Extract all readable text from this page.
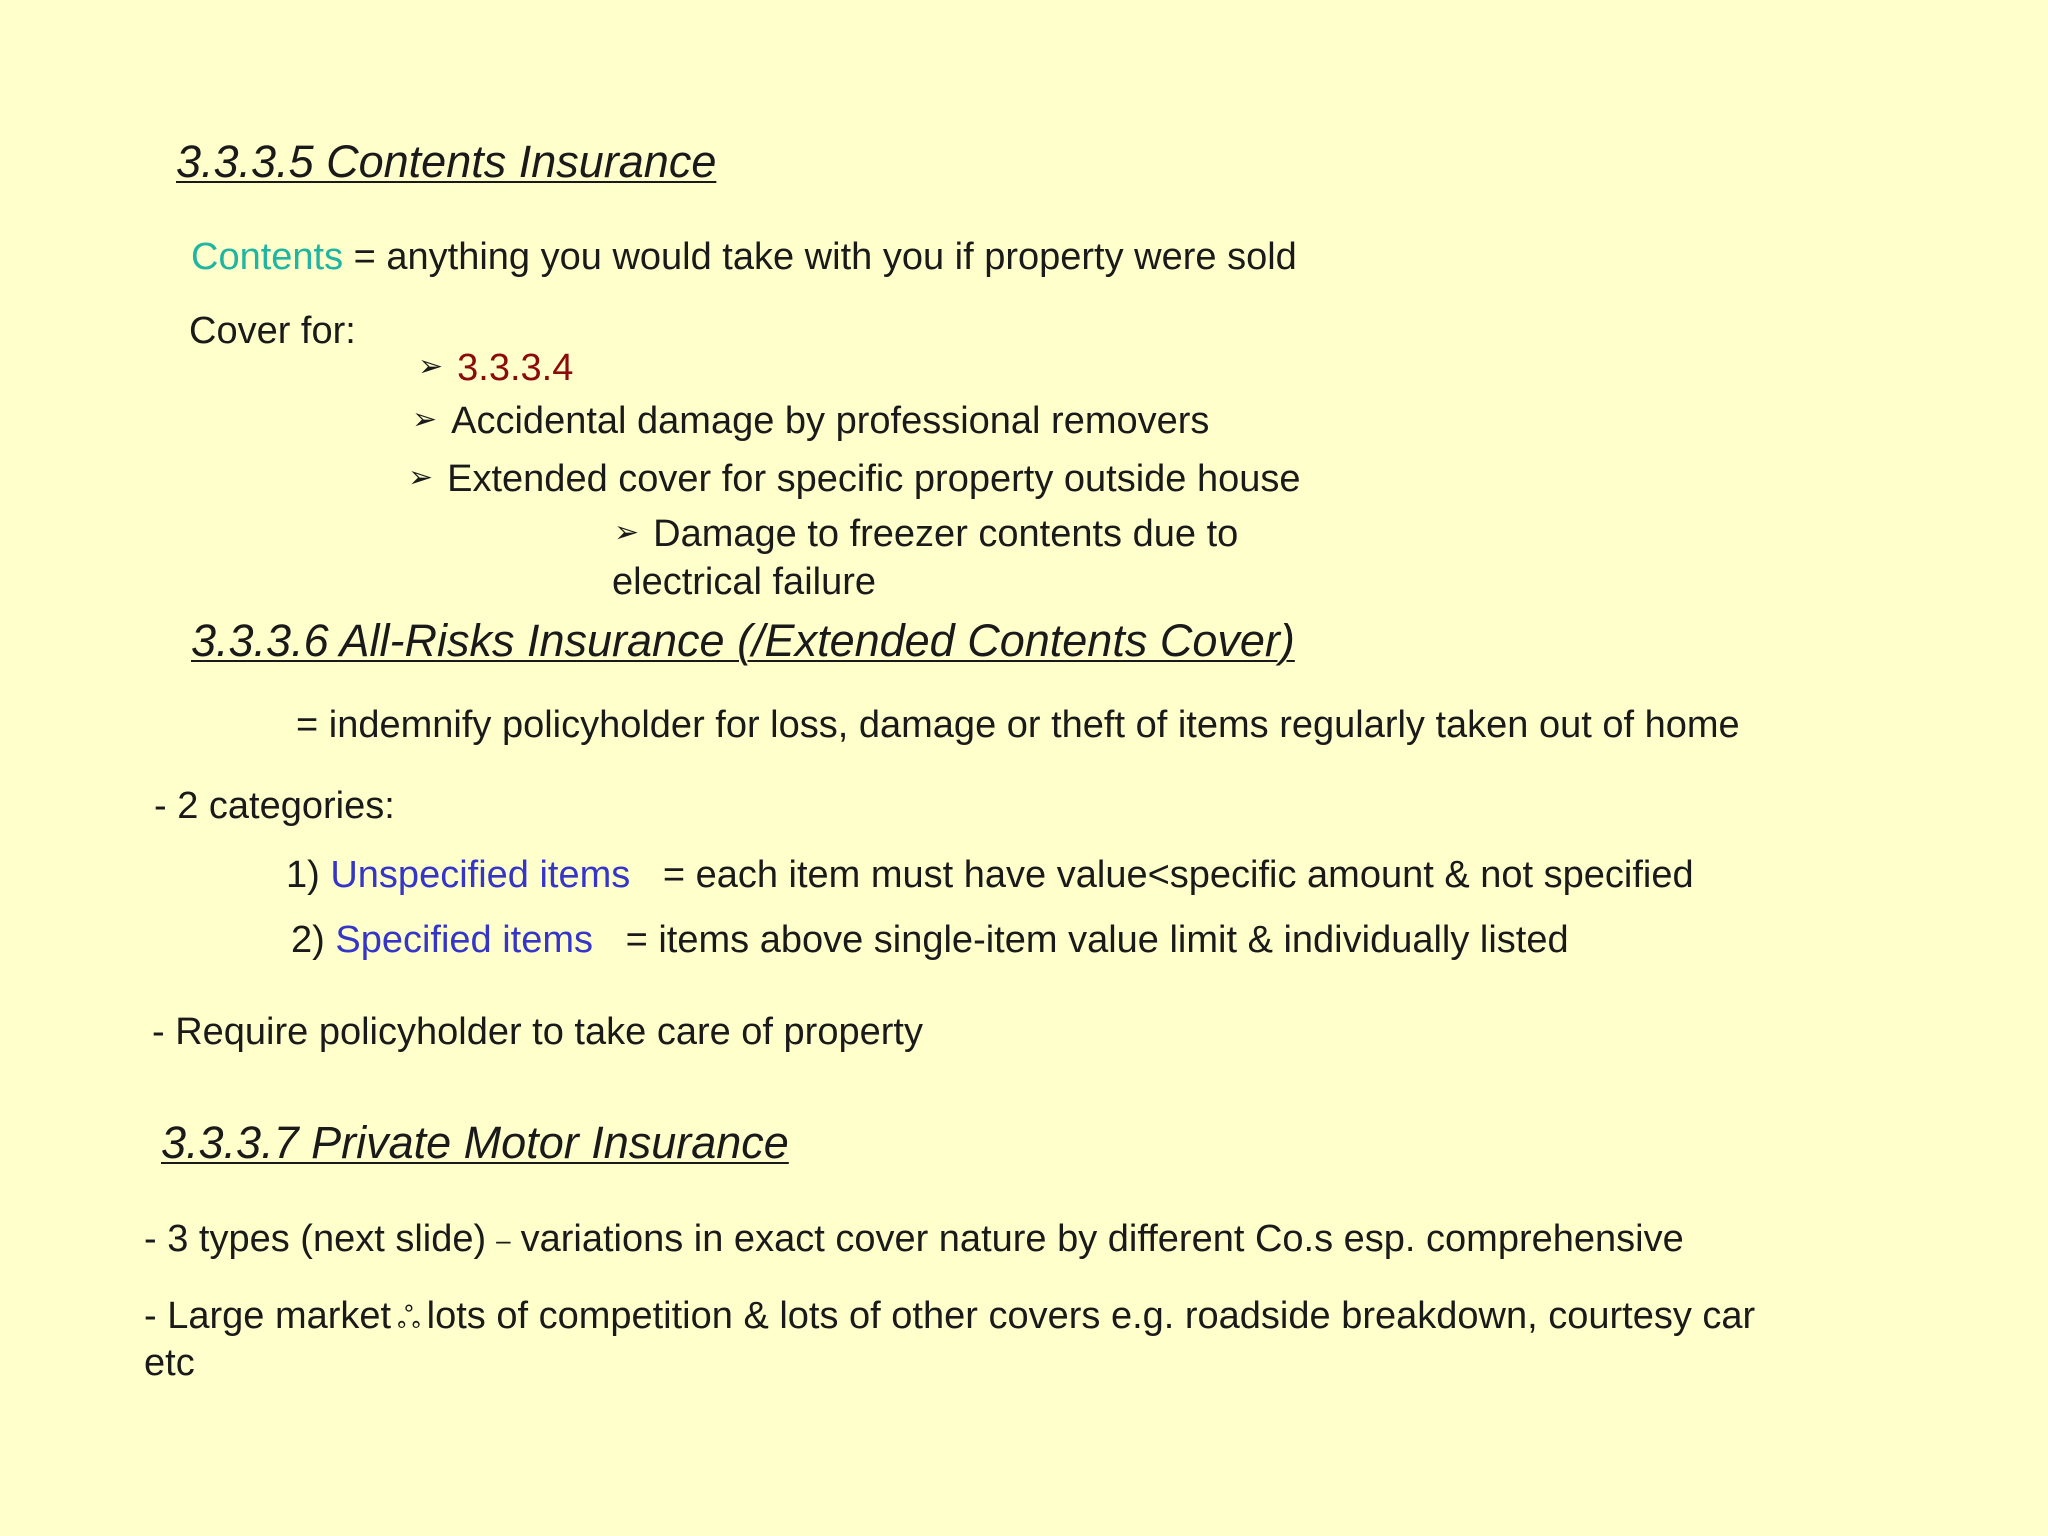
3.3.3.5 Contents Insurance
Contents = anything you would take with you if property were sold
Cover for:
➢ 3.3.3.4
➢ Accidental damage by professional removers
➢ Extended cover for specific property outside house
➢ Damage to freezer contents due to
electrical failure
3.3.3.6 All-Risks Insurance (/Extended Contents Cover)
= indemnify policyholder for loss, damage or theft of items regularly taken out of home
- 2 categories:
1) Unspecified items = each item must have value<specific amount & not specified
2) Specified items = items above single-item value limit & individually listed
- Require policyholder to take care of property
3.3.3.7 Private Motor Insurance
- 3 types (next slide) – variations in exact cover nature by different Co.s esp. comprehensive
- Large market ஃ lots of competition & lots of other covers e.g. roadside breakdown, courtesy car
etc
